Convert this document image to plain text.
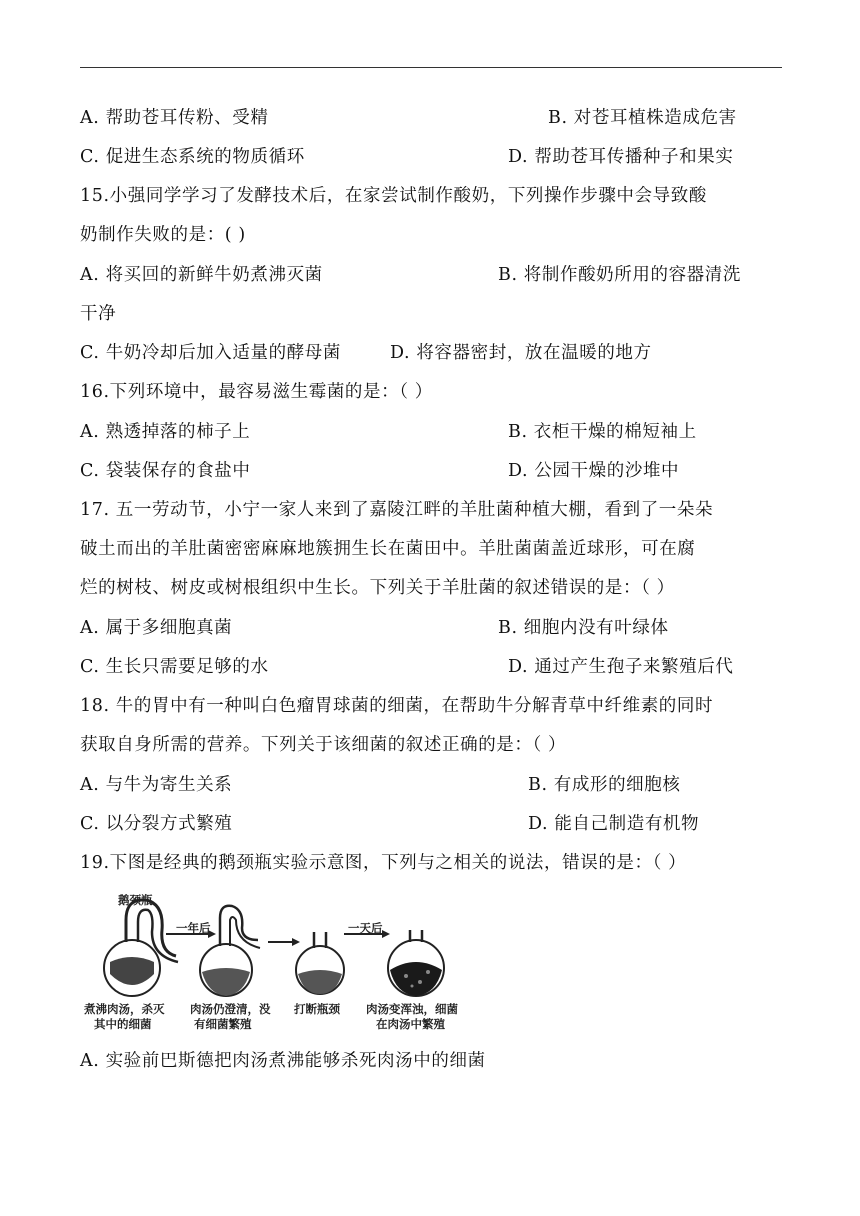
A. 帮助苍耳传粉、受精	B. 对苍耳植株造成危害
C. 促进生态系统的物质循环	D. 帮助苍耳传播种子和果实
15.小强同学学习了发酵技术后，在家尝试制作酸奶，下列操作步骤中会导致酸
奶制作失败的是：( )
A. 将买回的新鲜牛奶煮沸灭菌	B. 将制作酸奶所用的容器清洗
干净
C. 牛奶冷却后加入适量的酵母菌	D. 将容器密封，放在温暖的地方
16.下列环境中，最容易滋生霉菌的是：（ ）
A. 熟透掉落的柿子上	B. 衣柜干燥的棉短袖上
C. 袋装保存的食盐中	D. 公园干燥的沙堆中
17. 五一劳动节，小宁一家人来到了嘉陵江畔的羊肚菌种植大棚，看到了一朵朵
破土而出的羊肚菌密密麻麻地簇拥生长在菌田中。羊肚菌菌盖近球形，可在腐
烂的树枝、树皮或树根组织中生长。下列关于羊肚菌的叙述错误的是：（ ）
A. 属于多细胞真菌	B. 细胞内没有叶绿体
C. 生长只需要足够的水	D. 通过产生孢子来繁殖后代
18. 牛的胃中有一种叫白色瘤胃球菌的细菌，在帮助牛分解青草中纤维素的同时
获取自身所需的营养。下列关于该细菌的叙述正确的是：（ ）
A. 与牛为寄生关系	B. 有成形的细胞核
C. 以分裂方式繁殖	D. 能自己制造有机物
19.下图是经典的鹅颈瓶实验示意图，下列与之相关的说法，错误的是：（ ）
鹅颈瓶
一年后	一天后
煮沸肉汤，杀灭
其中的细菌
肉汤仍澄清，没
有细菌繁殖
打断瓶颈 肉汤变浑浊，细菌
在肉汤中繁殖
A. 实验前巴斯德把肉汤煮沸能够杀死肉汤中的细菌
